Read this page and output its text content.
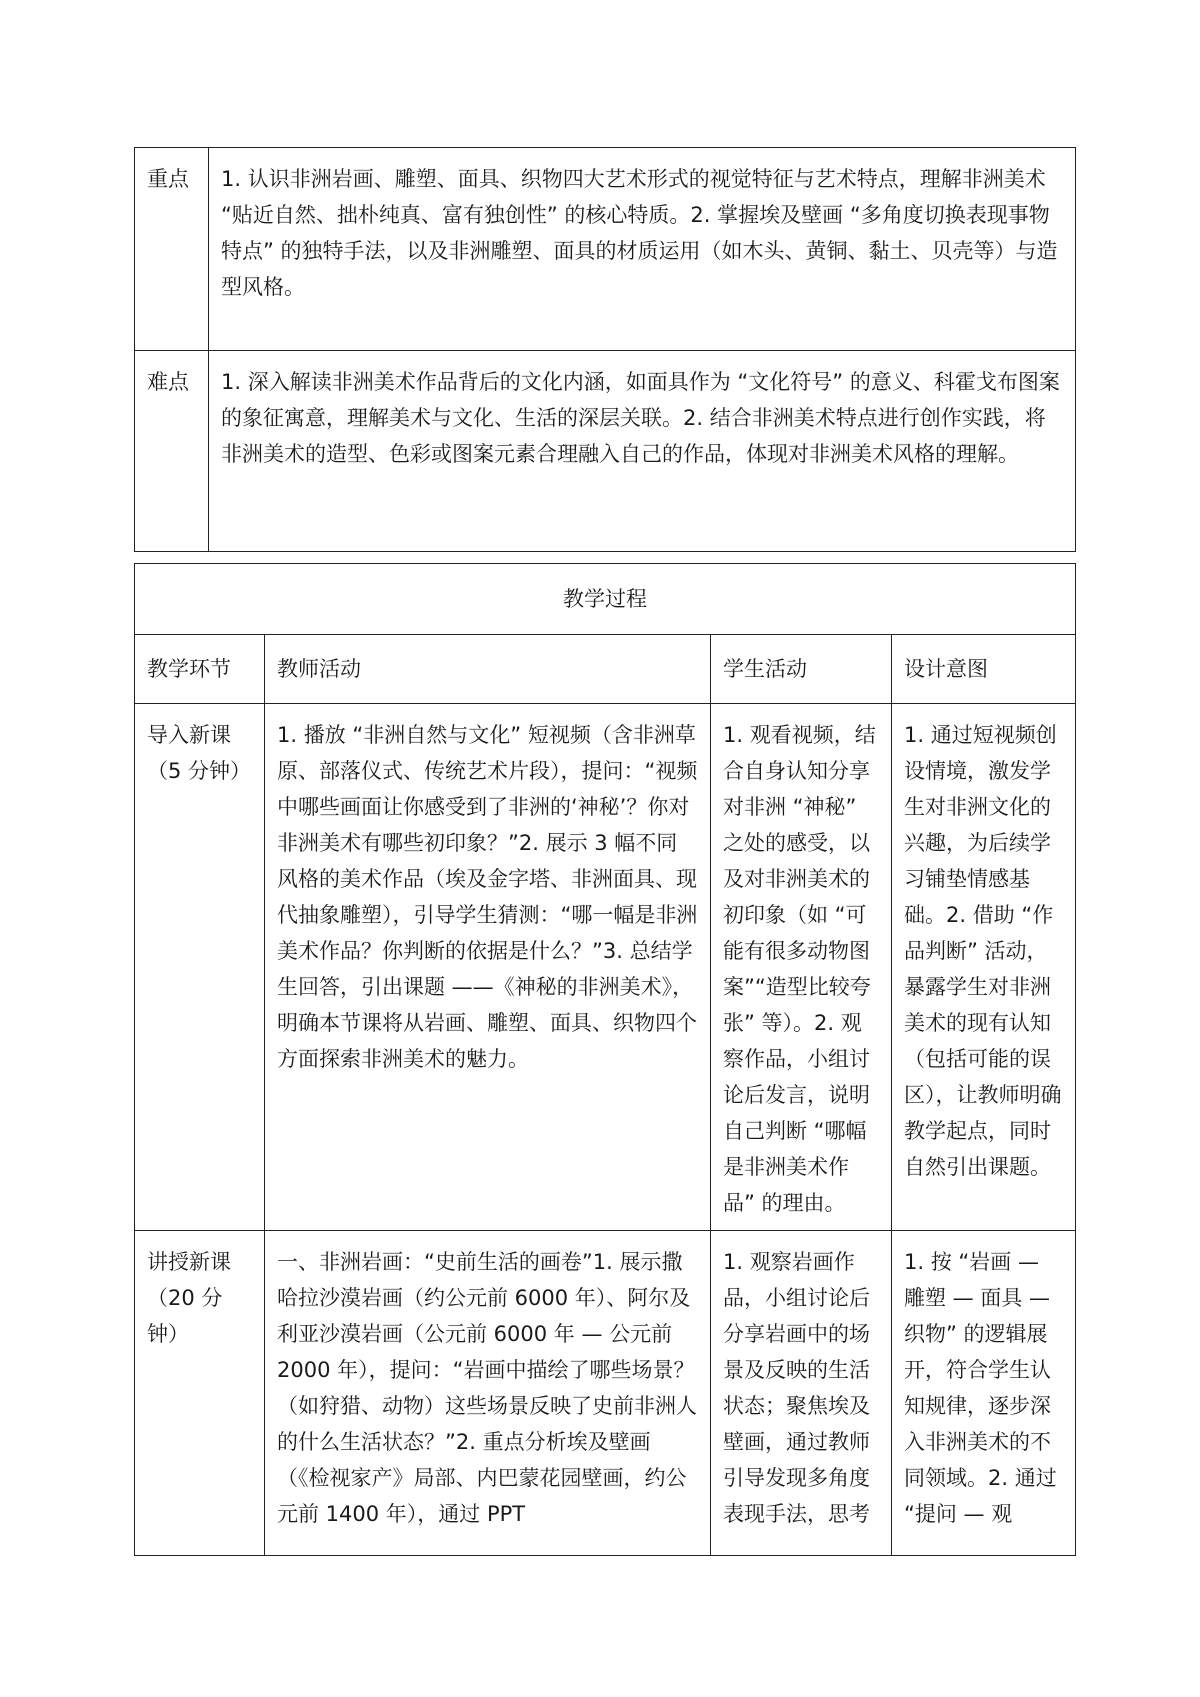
重点	1. 认识非洲岩画、雕塑、面具、织物四大艺术形式的视觉特征与艺术特点，理解非洲美术 “贴近自然、拙朴纯真、富有独创性” 的核心特质。2. 掌握埃及壁画 “多角度切换表现事物特点” 的独特手法，以及非洲雕塑、面具的材质运用（如木头、黄铜、黏土、贝壳等）与造型风格。
难点	1. 深入解读非洲美术作品背后的文化内涵，如面具作为 “文化符号” 的意义、科霍戈布图案的象征寓意，理解美术与文化、生活的深层关联。2. 结合非洲美术特点进行创作实践，将非洲美术的造型、色彩或图案元素合理融入自己的作品，体现对非洲美术风格的理解。
教学过程			
教学环节	教师活动	学生活动	设计意图
导入新课（5 分钟）	1. 播放 “非洲自然与文化” 短视频（含非洲草原、部落仪式、传统艺术片段），提问：“视频中哪些画面让你感受到了非洲的‘神秘’？你对非洲美术有哪些初印象？”2. 展示 3 幅不同风格的美术作品（埃及金字塔、非洲面具、现代抽象雕塑），引导学生猜测：“哪一幅是非洲美术作品？你判断的依据是什么？”3. 总结学生回答，引出课题 ——《神秘的非洲美术》，明确本节课将从岩画、雕塑、面具、织物四个方面探索非洲美术的魅力。	1. 观看视频，结合自身认知分享对非洲 “神秘” 之处的感受，以及对非洲美术的初印象（如 “可能有很多动物图案”“造型比较夸张” 等）。2. 观察作品，小组讨论后发言，说明自己判断 “哪幅是非洲美术作品” 的理由。	1. 通过短视频创设情境，激发学生对非洲文化的兴趣，为后续学习铺垫情感基础。2. 借助 “作品判断” 活动，暴露学生对非洲美术的现有认知（包括可能的误区），让教师明确教学起点，同时自然引出课题。
讲授新课（20 分钟）	一、非洲岩画：“史前生活的画卷”1. 展示撒哈拉沙漠岩画（约公元前 6000 年）、阿尔及利亚沙漠岩画（公元前 6000 年 — 公元前 2000 年），提问：“岩画中描绘了哪些场景？（如狩猎、动物）这些场景反映了史前非洲人的什么生活状态？”2. 重点分析埃及壁画（《检视家产》局部、内巴蒙花园壁画，约公元前 1400 年），通过 PPT	1. 观察岩画作品，小组讨论后分享岩画中的场景及反映的生活状态；聚焦埃及壁画，通过教师引导发现多角度表现手法，思考	1. 按 “岩画 — 雕塑 — 面具 — 织物” 的逻辑展开，符合学生认知规律，逐步深入非洲美术的不同领域。2. 通过 “提问 — 观
